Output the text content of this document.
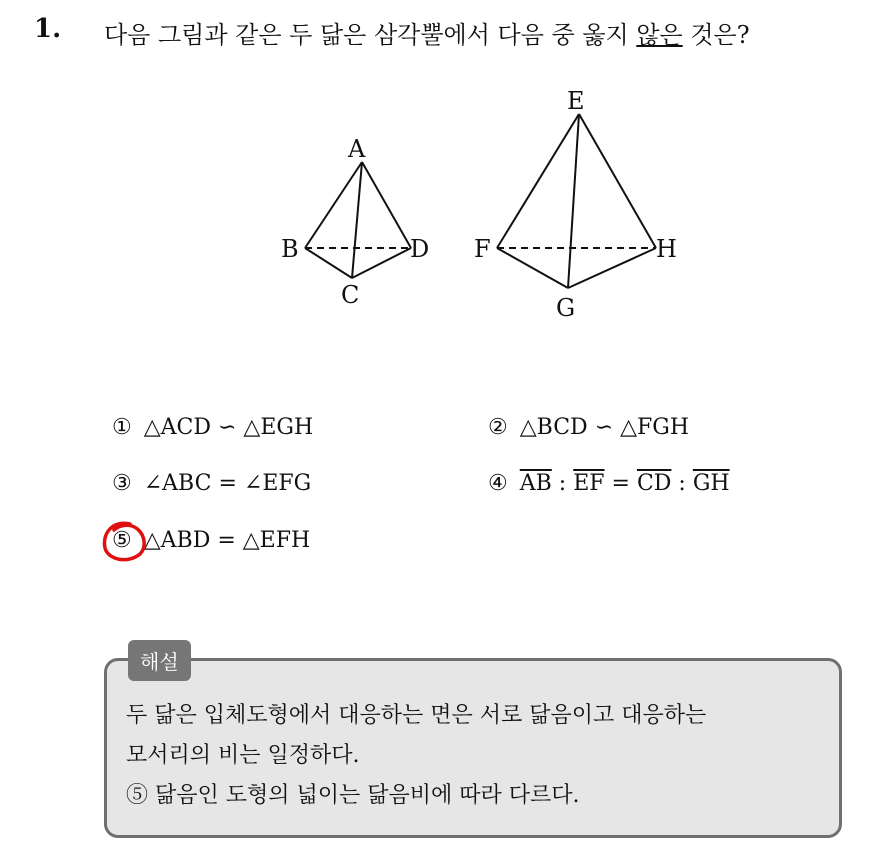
1. 다음 그림과 같은 두 닮은 삼각뿔에서 다음 중 옳지 않은 것은?
A
B
C
D
E
F
G
H
① △ACD ∽ △EGH	② △BCD ∽ △FGH
③ ∠ABC = ∠EFG	④ $\overline{AB}$ : $\overline{EF} = \overline{CD}$ : $\overline{GH}$
⑤ △ABD = △EFH
해설
두 닮은 입체도형에서 대응하는 면은 서로 닮음이고 대응하는
모서리의 비는 일정하다.
⑤ 닮음인 도형의 넓이는 닮음비에 따라 다르다.
